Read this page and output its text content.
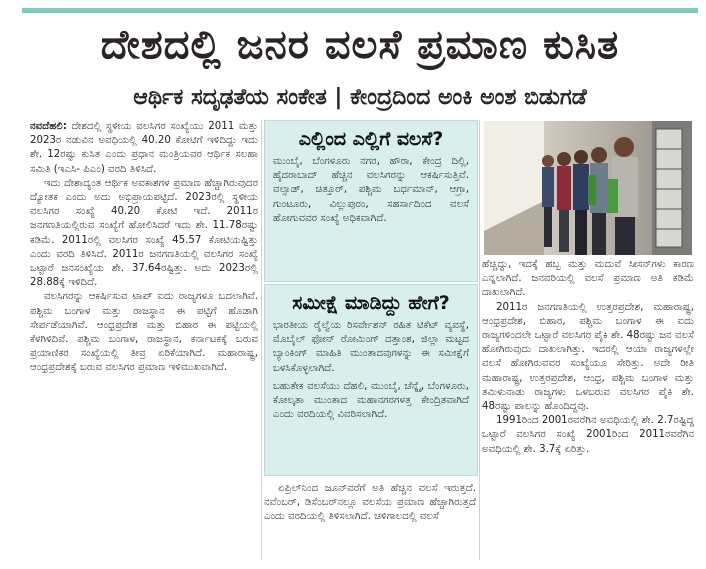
ದೇಶದಲ್ಲಿ ಜನರ ವಲಸೆ ಪ್ರಮಾಣ ಕುಸಿತ
ಆರ್ಥಿಕ ಸದೃಢತೆಯ ಸಂಕೇತ | ಕೇಂದ್ರದಿಂದ ಅಂಕಿ ಅಂಶ ಬಿಡುಗಡೆ

ನವದೆಹಲಿ: ದೇಶದಲ್ಲಿ ಸ್ಥಳೀಯ ವಲಸಿಗರ ಸಂಖ್ಯೆಯು 2011 ಮತ್ತು 2023ರ ನಡುವಿನ ಅವಧಿಯಲ್ಲಿ 40.20 ಕೋಟಿಗೆ ಇಳಿದಿದ್ದು ಇದು ಶೇ. 12ರಷ್ಟು ಕುಸಿತ ಎಂದು ಪ್ರಧಾನ ಮಂತ್ರಿಯವರ ಆರ್ಥಿಕ ಸಲಹಾ ಸಮಿತಿ (ಇಎಸಿ- ಪಿಎಂ) ವರದಿ ತಿಳಿಸಿದೆ.

ಇದು ದೇಶಾದ್ಯಂತ ಆರ್ಥಿಕ ಅವಕಾಶಗಳ ಪ್ರಮಾಣ ಹೆಚ್ಚಾಗಿರುವುದರ ದ್ಯೋತಕ ಎಂದು ಅದು ಅಭಿಪ್ರಾಯಪಟ್ಟಿದೆ. 2023ರಲ್ಲಿ ಸ್ಥಳೀಯ ವಲಸಿಗರ ಸಂಖ್ಯೆ 40.20 ಕೋಟಿ ಇದೆ. 2011ರ ಜನಗಣತಿಯಲ್ಲಿರುವ ಸಂಖ್ಯೆಗೆ ಹೋಲಿಸಿದರೆ ಇದು ಶೇ. 11.78ರಷ್ಟು ಕಡಿಮೆ. 2011ರಲ್ಲಿ ವಲಸಿಗರ ಸಂಖ್ಯೆ 45.57 ಕೋಟಿಯಷ್ಟಿತ್ತು ಎಂದು ವರದಿ ತಿಳಿಸಿದೆ. 2011ರ ಜನಗಣತಿಯಲ್ಲಿ ವಲಸಿಗರ ಸಂಖ್ಯೆ ಒಟ್ಟಾರೆ ಜನಸಂಖ್ಯೆಯ ಶೇ. 37.64ರಷ್ಟಿತ್ತು. ಅದು 2023ರಲ್ಲಿ 28.88ಕ್ಕೆ ಇಳಿದಿದೆ.

ವಲಸಿಗರನ್ನು ಆಕರ್ಷಿಸುವ ಟಾಪ್ ಐದು ರಾಜ್ಯಗಳೂ ಬದಲಾಗಿವೆ. ಪಶ್ಚಿಮ ಬಂಗಾಳ ಮತ್ತು ರಾಜಸ್ಥಾನ ಈ ಪಟ್ಟಿಗೆ ಹೊಡಾಗಿ ಸೇರ್ಪಡೆಯಾಗಿವೆ. ಆಂಧ್ರಪ್ರದೇಶ ಮತ್ತು ಬಿಹಾರ ಈ ಪಟ್ಟಿಯಲ್ಲಿ ಕೆಳಗಿಳಿದಿವೆ. ಪಶ್ಚಿಮ ಬಂಗಾಳ, ರಾಜಸ್ಥಾನ, ಕರ್ನಾಟಕಕ್ಕೆ ಬರುವ ಪ್ರಯಾಣಿಕರ ಸಂಖ್ಯೆಯಲ್ಲಿ ತೀವ್ರ ಏರಿಕೆಯಾಗಿದೆ. ಮಹಾರಾಷ್ಟ್ರ, ಆಂಧ್ರಪ್ರದೇಶಕ್ಕೆ ಬರುವ ವಲಸಿಗರ ಪ್ರಮಾಣ ಇಳಿಮುಖವಾಗಿದೆ.

ಎಲ್ಲಿಂದ ಎಲ್ಲಿಗೆ ವಲಸೆ?
ಮುಂಬೈ, ಬೆಂಗಳೂರು ನಗರ, ಹೌರಾ, ಕೇಂದ್ರ ದಿಲ್ಲಿ, ಹೈದರಾಬಾದ್ ಹೆಚ್ಚಿನ ವಲಸಿಗರನ್ನು ಆಕರ್ಷಿಸುತ್ತಿವೆ. ವಲ್ಸಾಡ್, ಚಿತ್ತೂರ್, ಪಶ್ಚಿಮ ಬರ್ಧಮಾನ್, ಆಗ್ರಾ, ಗುಂಟೂರು, ವಿಲ್ಲುಪುರಂ, ಸಹರ್ಸಾದಿಂದ ವಲಸೆ ಹೋಗುವವರ ಸಂಖ್ಯೆ ಅಧಿಕವಾಗಿದೆ.
ಸಮೀಕ್ಷೆ ಮಾಡಿದ್ದು ಹೇಗೆ?
ಭಾರತೀಯ ರೈಲ್ವೆಯ ರಿಸರ್ವೇಶನ್ ರಹಿತ ಟಿಕೆಟ್ ವ್ಯವಸ್ಥೆ, ಮೊಬೈಲ್ ಫೋನ್ ರೋಮಿಂಗ್ ದತ್ತಾಂಶ, ಜಿಲ್ಲಾ ಮಟ್ಟದ ಬ್ಯಾಂಕಿಂಗ್ ಮಾಹಿತಿ ಮುಂತಾದವುಗಳನ್ನು ಈ ಸಮೀಕ್ಷೆಗೆ ಬಳಸಿಕೊಳ್ಳಲಾಗಿದೆ.
ಬಹುತೇಕ ವಲಸೆಯು ದೆಹಲಿ, ಮುಂಬೈ, ಚೆನ್ನೈ, ಬೆಂಗಳೂರು, ಕೋಲ್ಕತಾ ಮುಂತಾದ ಮಹಾನಗರಗಳತ್ತ ಕೇಂದ್ರಿತವಾಗಿದೆ ಎಂದು ವರದಿಯಲ್ಲಿ ವಿವರಿಸಲಾಗಿದೆ.

ಏಪ್ರಿಲ್‌ನಿಂದ ಜೂನ್‌ವರೆಗೆ ಅತಿ ಹೆಚ್ಚಿನ ವಲಸೆ ಇರುತ್ತದೆ. ನವೆಂಬರ್, ಡಿಸೆಂಬರ್‌ನಲ್ಲೂ ವಲಸೆಯ ಪ್ರಮಾಣ ಹೆಚ್ಚಾಗಿರುತ್ತದೆ ಎಂದು ವರದಿಯಲ್ಲಿ ತಿಳಿಸಲಾಗಿದೆ. ಚಳಿಗಾಲದಲ್ಲಿ ವಲಸೆ

ಹೆಚ್ಚಿದ್ದು, ಇದಕ್ಕೆ ಹಬ್ಬ ಮತ್ತು ಮದುವೆ ಸೀಸನ್‌ಗಳು ಕಾರಣ ಎನ್ನಲಾಗಿದೆ. ಜನವರಿಯಲ್ಲಿ ವಲಸೆ ಪ್ರಮಾಣ ಅತಿ ಕಡಿಮೆ ದಾಖಲಾಗಿದೆ.

2011ರ ಜನಗಣತಿಯಲ್ಲಿ ಉತ್ತರಪ್ರದೇಶ, ಮಹಾರಾಷ್ಟ್ರ, ಆಂಧ್ರಪ್ರದೇಶ, ಬಿಹಾರ, ಪಶ್ಚಿಮ ಬಂಗಾಳ ಈ ಐದು ರಾಜ್ಯಗಳಿಂದಲೇ ಒಟ್ಟಾರೆ ವಲಸಿಗರ ಪೈಕಿ ಶೇ. 48ರಷ್ಟು ಜನ ವಲಸೆ ಹೋಗಿರುವುದು ದಾಖಲಾಗಿತ್ತು. ಇದರಲ್ಲಿ ಆಯಾ ರಾಜ್ಯಗಳಲ್ಲೇ ವಲಸೆ ಹೋಗಿರುವವರ ಸಂಖ್ಯೆಯೂ ಸೇರಿತ್ತು. ಅದೇ ರೀತಿ ಮಹಾರಾಷ್ಟ್ರ, ಉತ್ತರಪ್ರದೇಶ, ಆಂಧ್ರ, ಪಶ್ಚಿಮ ಬಂಗಾಳ ಮತ್ತು ತಮಿಳುನಾಡು ರಾಜ್ಯಗಳು ಒಳಬರುವ ವಲಸಿಗರ ಪೈಕಿ ಶೇ. 48ರಷ್ಟು ಪಾಲನ್ನು ಹೊಂದಿದ್ದವು.

1991ರಿಂದ 2001ರವರೆಗಿನ ಅವಧಿಯಲ್ಲಿ ಶೇ. 2.7ರಷ್ಟಿದ್ದ ಒಟ್ಟಾರೆ ವಲಸಿಗರ ಸಂಖ್ಯೆ 2001ರಿಂದ 2011ರವರೆಗಿನ ಅವಧಿಯಲ್ಲಿ ಶೇ. 3.7ಕ್ಕೆ ಏರಿತ್ತು.
